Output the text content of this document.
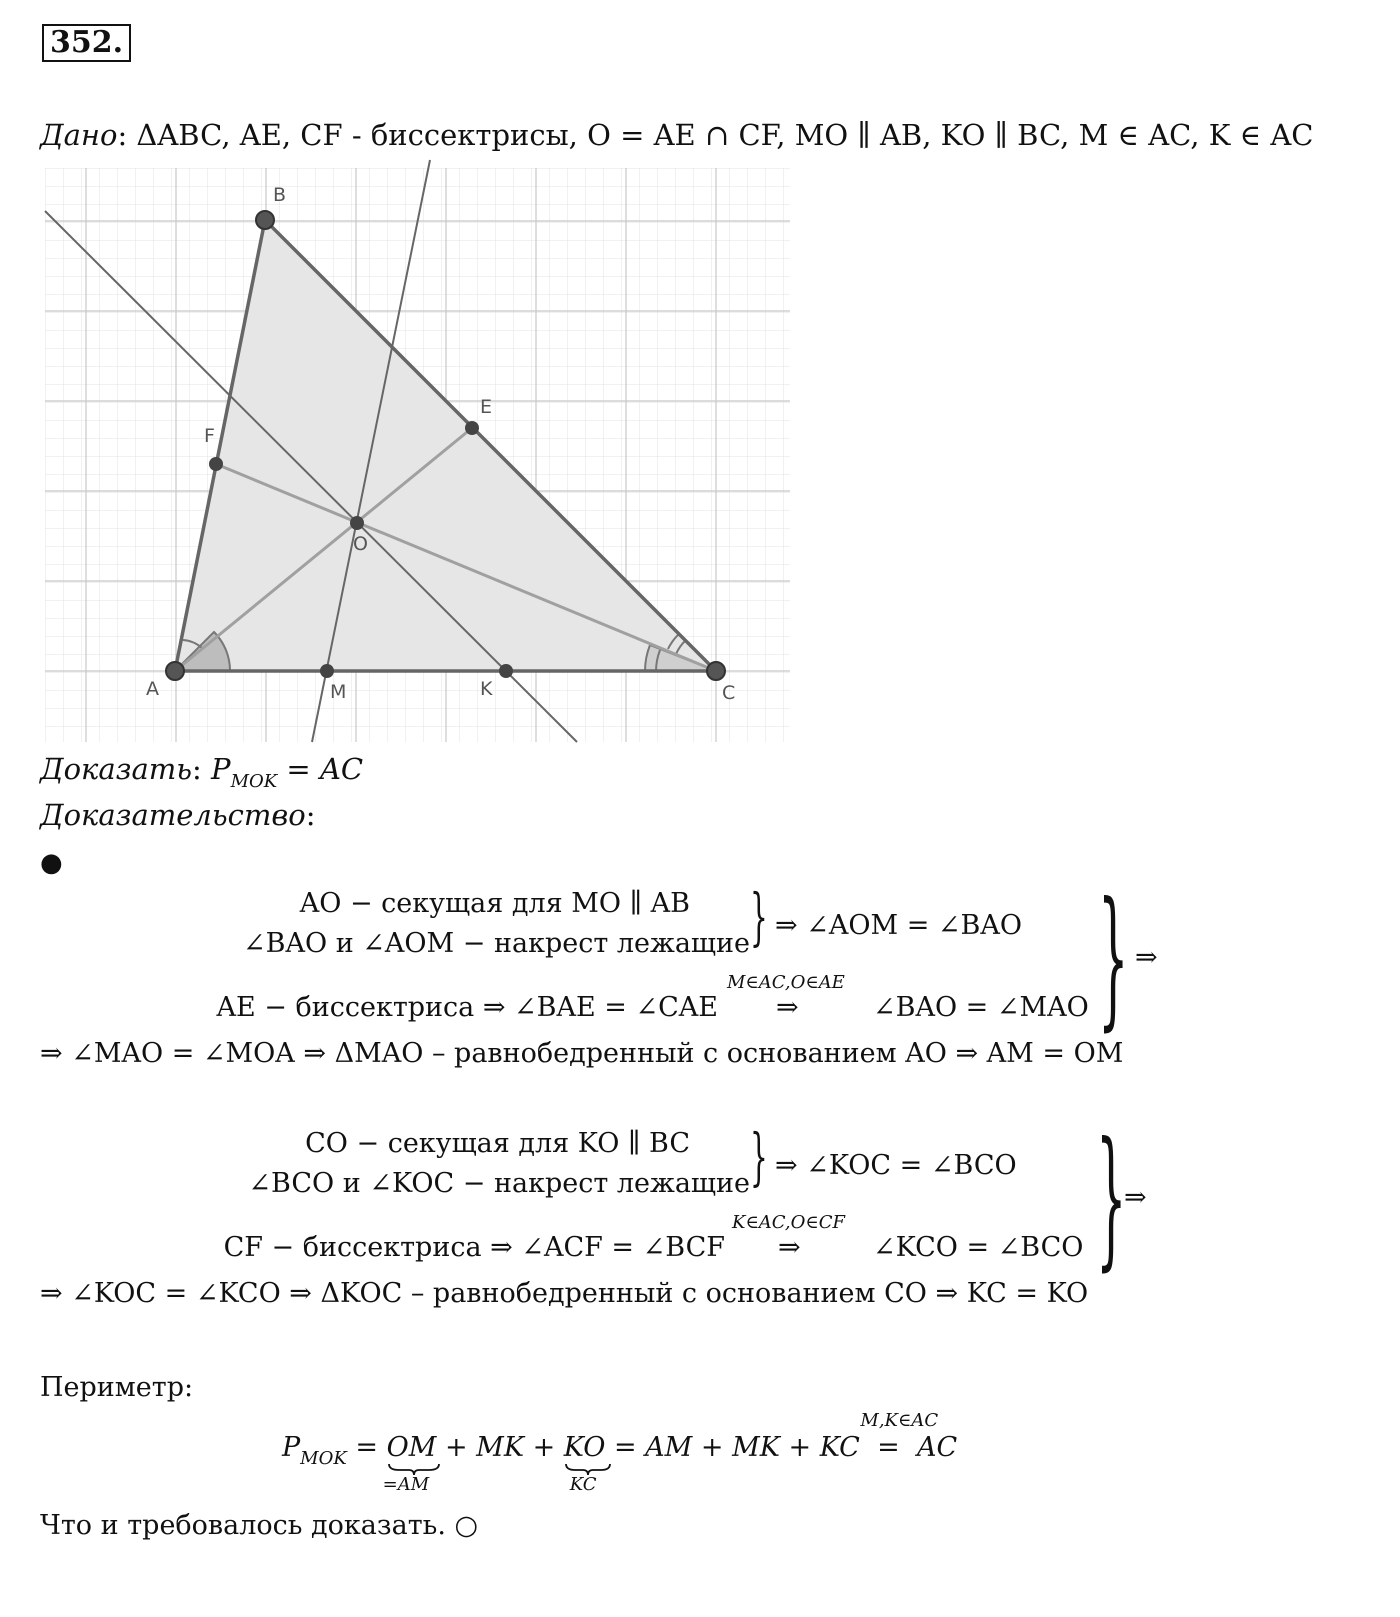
352.
Дано: ΔABC, AE, CF - биссектрисы, O = AE ∩ CF, MO ∥ AB, KO ∥ BC, M ∈ AC, K ∈ AC
A
B
C
E
F
O
M	K
Доказать: $P_{MOK}$ = AC
Доказательство:
●
AO − секущая для MO ∥ AB
∠BAO и ∠AOM − накрест лежащие } ⇒ ∠AOM = ∠BAO
AE − биссектриса ⇒ ∠BAE = ∠CAE
M∈AC,O∈AE
⇒	∠BAO = ∠MAO } ⇒
⇒ ∠MAO = ∠MOA ⇒ ΔMAO – равнобедренный с основанием AO ⇒ AM = OM
CO − секущая для KO ∥ BC
∠BCO и ∠KOC − накрест лежащие } ⇒ ∠KOC = ∠BCO
CF − биссектриса ⇒ ∠ACF = ∠BCF
K∈AC,O∈CF
⇒	∠KCO = ∠BCO }
⇒
⇒ ∠KOC = ∠KCO ⇒ ΔKOC – равнобедренный с основанием CO ⇒ KC = KO
Периметр:
$P_{MOK}$ = OM
=AM
+ MK + KO
KC
= AM + MK + KC =
M,K∈AC
AC
Что и требовалось доказать. ○
